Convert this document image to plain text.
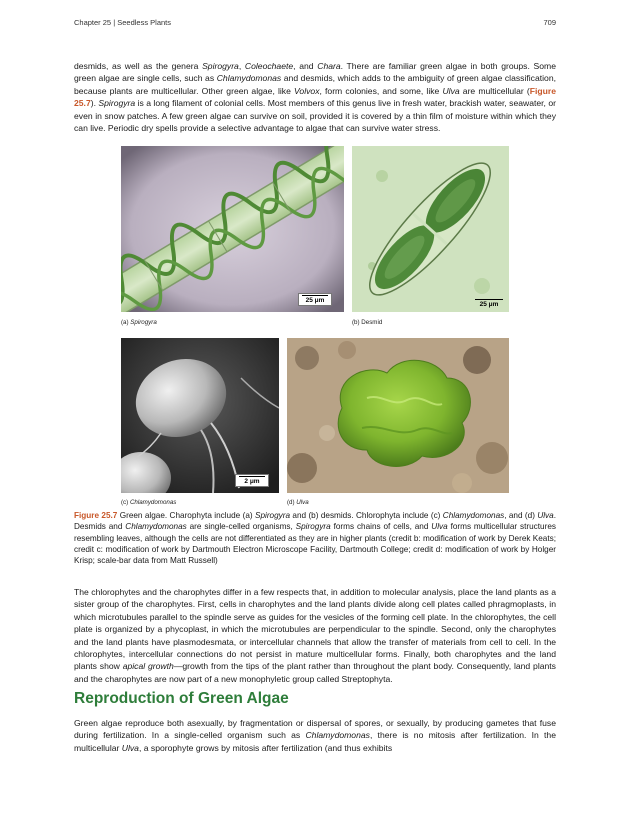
Chapter 25 | Seedless Plants	709

desmids, as well as the genera Spirogyra, Coleochaete, and Chara. There are familiar green algae in both groups. Some green algae are single cells, such as Chlamydomonas and desmids, which adds to the ambiguity of green algae classification, because plants are multicellular. Other green algae, like Volvox, form colonies, and some, like Ulva are multicellular (Figure 25.7). Spirogyra is a long filament of colonial cells. Most members of this genus live in fresh water, brackish water, seawater, or even in snow patches. A few green algae can survive on soil, provided it is covered by a thin film of moisture within which they can live. Periodic dry spells provide a selective advantage to algae that can survive water stress.

25 μm
(a) Spirogyra
25 μm
(b) Desmid
2 μm
(c) Chlamydomonas	(d) Ulva

Figure 25.7 Green algae. Charophyta include (a) Spirogyra and (b) desmids. Chlorophyta include (c) Chlamydomonas, and (d) Ulva. Desmids and Chlamydomonas are single-celled organisms, Spirogyra forms chains of cells, and Ulva forms multicellular structures resembling leaves, although the cells are not differentiated as they are in higher plants (credit b: modification of work by Derek Keats; credit c: modification of work by Dartmouth Electron Microscope Facility, Dartmouth College; credit d: modification of work by Holger Krisp; scale-bar data from Matt Russell)

The chlorophytes and the charophytes differ in a few respects that, in addition to molecular analysis, place the land plants as a sister group of the charophytes. First, cells in charophytes and the land plants divide along cell plates called phragmoplasts, in which microtubules parallel to the spindle serve as guides for the vesicles of the forming cell plate. In the chlorophytes, the cell plate is organized by a phycoplast, in which the microtubules are perpendicular to the spindle. Second, only the charophytes and the land plants have plasmodesmata, or intercellular channels that allow the transfer of materials from cell to cell. In the chlorophytes, intercellular connections do not persist in mature multicellular forms. Finally, both charophytes and the land plants show apical growth—growth from the tips of the plant rather than throughout the plant body. Consequently, land plants and the charophytes are now part of a new monophyletic group called Streptophyta.

Reproduction of Green Algae

Green algae reproduce both asexually, by fragmentation or dispersal of spores, or sexually, by producing gametes that fuse during fertilization. In a single-celled organism such as Chlamydomonas, there is no mitosis after fertilization. In the multicellular Ulva, a sporophyte grows by mitosis after fertilization (and thus exhibits
